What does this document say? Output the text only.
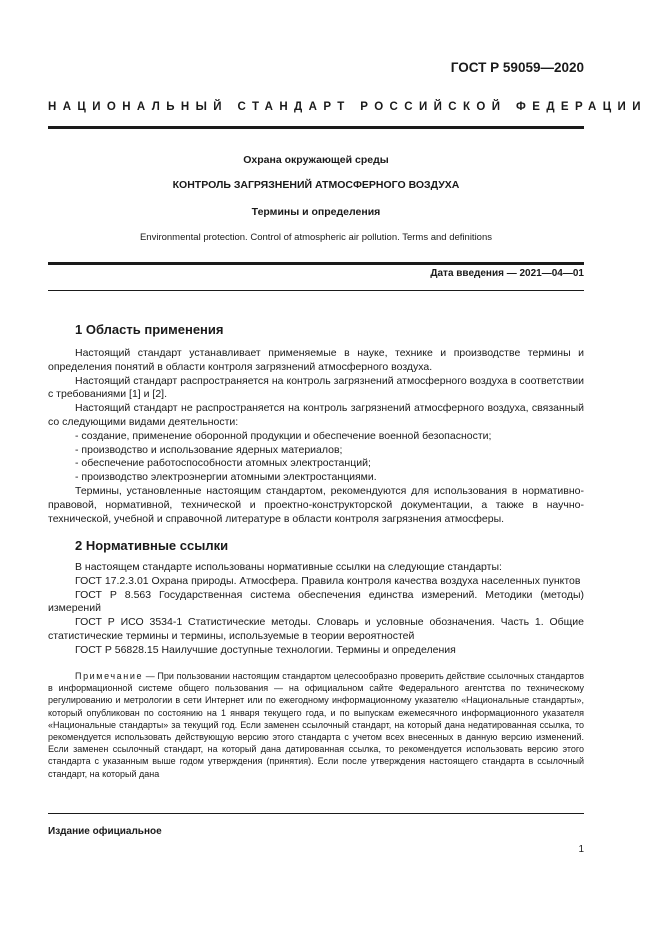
ГОСТ Р 59059—2020
НАЦИОНАЛЬНЫЙ СТАНДАРТ РОССИЙСКОЙ ФЕДЕРАЦИИ
Охрана окружающей среды
КОНТРОЛЬ ЗАГРЯЗНЕНИЙ АТМОСФЕРНОГО ВОЗДУХА
Термины и определения
Environmental protection. Control of atmospheric air pollution. Terms and definitions
Дата введения — 2021—04—01
1 Область применения

Настоящий стандарт устанавливает применяемые в науке, технике и производстве термины и определения понятий в области контроля загрязнений атмосферного воздуха.

Настоящий стандарт распространяется на контроль загрязнений атмосферного воздуха в соответствии с требованиями [1] и [2].

Настоящий стандарт не распространяется на контроль загрязнений атмосферного воздуха, связанный со следующими видами деятельности:

- создание, применение оборонной продукции и обеспечение военной безопасности;

- производство и использование ядерных материалов;

- обеспечение работоспособности атомных электростанций;

- производство электроэнергии атомными электростанциями.

Термины, установленные настоящим стандартом, рекомендуются для использования в нормативно-правовой, нормативной, технической и проектно-конструкторской документации, а также в научно-технической, учебной и справочной литературе в области контроля загрязнения атмосферы.

2 Нормативные ссылки

В настоящем стандарте использованы нормативные ссылки на следующие стандарты:

ГОСТ 17.2.3.01 Охрана природы. Атмосфера. Правила контроля качества воздуха населенных пунктов

ГОСТ Р 8.563 Государственная система обеспечения единства измерений. Методики (методы) измерений

ГОСТ Р ИСО 3534-1 Статистические методы. Словарь и условные обозначения. Часть 1. Общие статистические термины и термины, используемые в теории вероятностей

ГОСТ Р 56828.15 Наилучшие доступные технологии. Термины и определения

Примечание — При пользовании настоящим стандартом целесообразно проверить действие ссылочных стандартов в информационной системе общего пользования — на официальном сайте Федерального агентства по техническому регулированию и метрологии в сети Интернет или по ежегодному информационному указателю «Национальные стандарты», который опубликован по состоянию на 1 января текущего года, и по выпускам ежемесячного информационного указателя «Национальные стандарты» за текущий год. Если заменен ссылочный стандарт, на который дана недатированная ссылка, то рекомендуется использовать действующую версию этого стандарта с учетом всех внесенных в данную версию изменений. Если заменен ссылочный стандарт, на который дана датированная ссылка, то рекомендуется использовать версию этого стандарта с указанным выше годом утверждения (принятия). Если после утверждения настоящего стандарта в ссылочный стандарт, на который дана

Издание официальное
1
